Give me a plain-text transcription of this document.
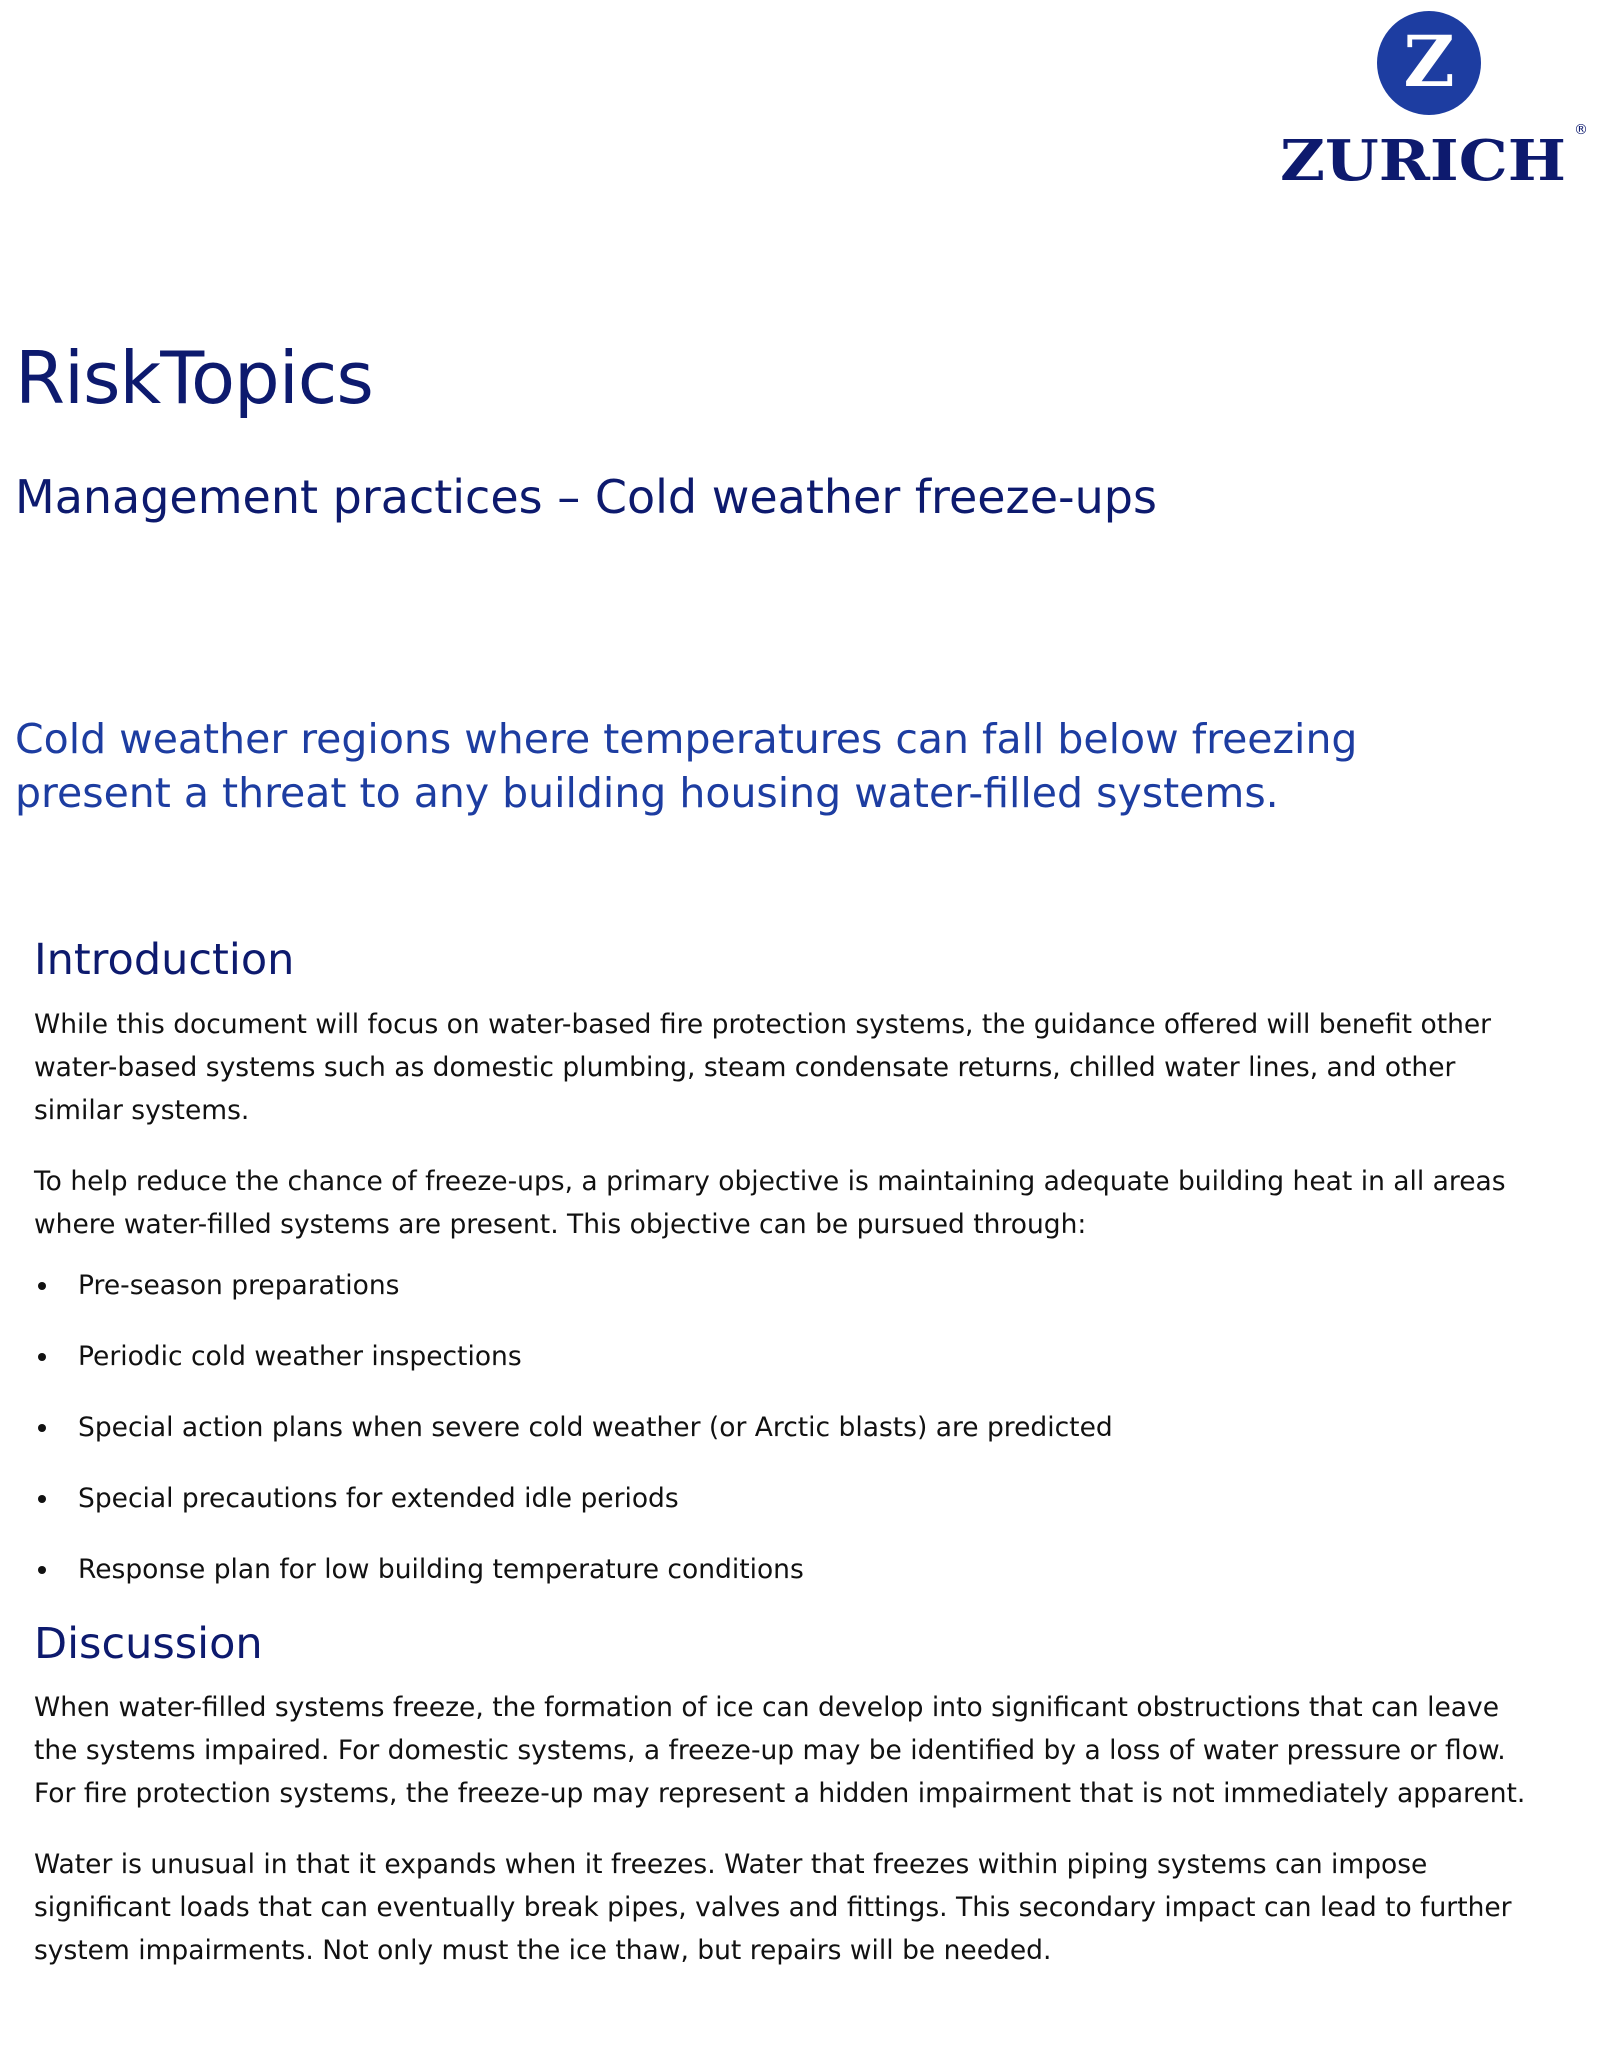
Z
ZURICH ®
RiskTopics
Management practices – Cold weather freeze-ups

Cold weather regions where temperatures can fall below freezing present a threat to any building housing water-filled systems.

Introduction

While this document will focus on water-based fire protection systems, the guidance offered will benefit other water-based systems such as domestic plumbing, steam condensate returns, chilled water lines, and other similar systems.

To help reduce the chance of freeze-ups, a primary objective is maintaining adequate building heat in all areas where water-filled systems are present. This objective can be pursued through:

Pre-season preparations
Periodic cold weather inspections
Special action plans when severe cold weather (or Arctic blasts) are predicted
Special precautions for extended idle periods
Response plan for low building temperature conditions
Discussion

When water-filled systems freeze, the formation of ice can develop into significant obstructions that can leave the systems impaired. For domestic systems, a freeze-up may be identified by a loss of water pressure or flow. For fire protection systems, the freeze-up may represent a hidden impairment that is not immediately apparent.

Water is unusual in that it expands when it freezes. Water that freezes within piping systems can impose significant loads that can eventually break pipes, valves and fittings. This secondary impact can lead to further system impairments. Not only must the ice thaw, but repairs will be needed.
